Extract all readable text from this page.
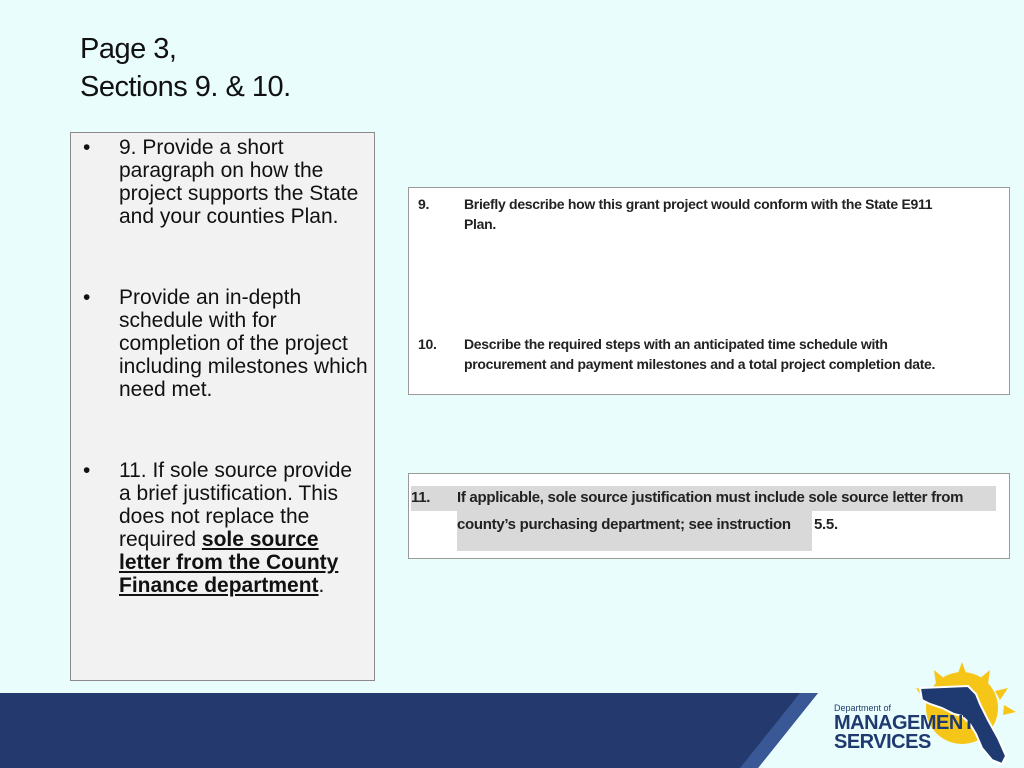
Page 3,
Sections 9. & 10.
• 9. Provide a short paragraph on how the project supports the State and your counties Plan.
• Provide an in-depth schedule with for completion of the project including milestones which need met.
• 11. If sole source provide a brief justification. This does not replace the required sole source letter from the County Finance department.
9. Briefly describe how this grant project would conform with the State E911
Plan.
10. Describe the required steps with an anticipated time schedule with
procurement and payment milestones and a total project completion date.
11. If applicable, sole source justification must include sole source letter from
county’s purchasing department; see instruction 5.5.
Department of
MANAGEMENT
SERVICES
